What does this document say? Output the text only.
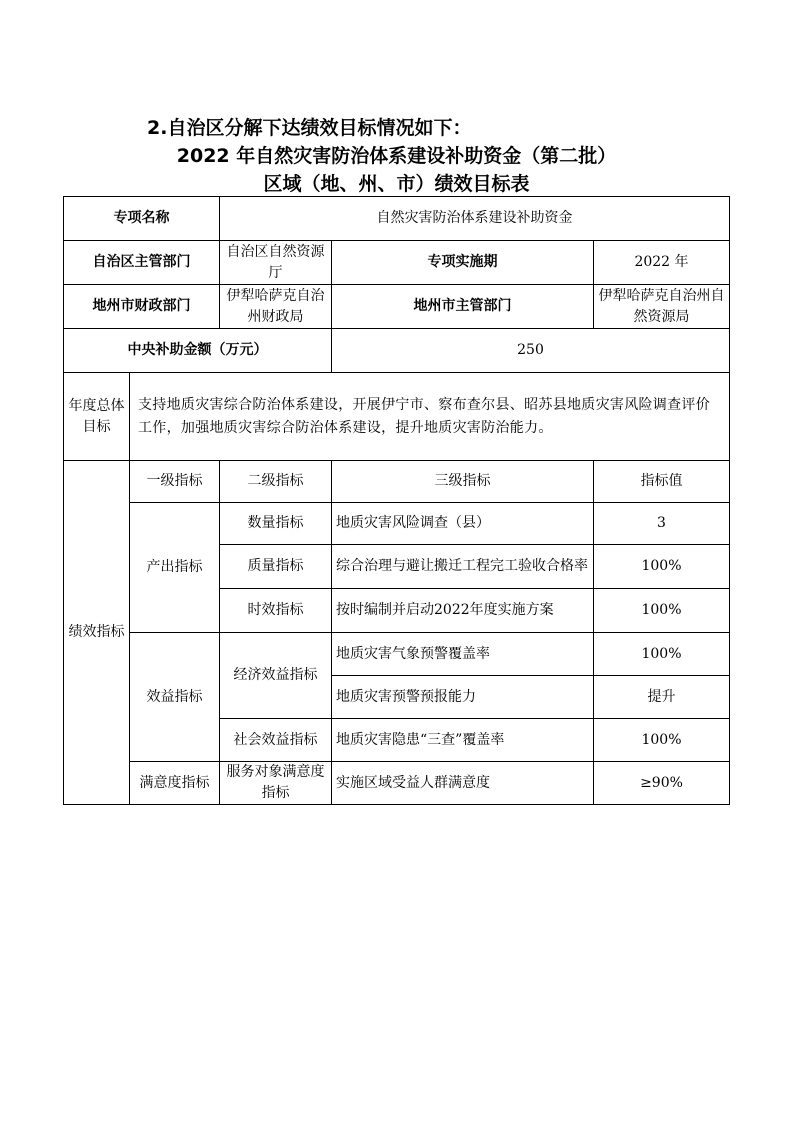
2.自治区分解下达绩效目标情况如下：

2022 年自然灾害防治体系建设补助资金（第二批）

区域（地、州、市）绩效目标表

专项名称		自然灾害防治体系建设补助资金		
自治区主管部门		自治区自然资源厅	专项实施期	2022 年
地州市财政部门		伊犁哈萨克自治州财政局	地州市主管部门	伊犁哈萨克自治州自然资源局
中央补助金额（万元）			250	
年度总体目标	支持地质灾害综合防治体系建设，开展伊宁市、察布查尔县、昭苏县地质灾害风险调查评价工作，加强地质灾害综合防治体系建设，提升地质灾害防治能力。			
绩效指标	一级指标	二级指标	三级指标	指标值
	产出指标	数量指标	地质灾害风险调查（县）	3
		质量指标	综合治理与避让搬迁工程完工验收合格率	100%
		时效指标	按时编制并启动2022年度实施方案	100%
	效益指标	经济效益指标	地质灾害气象预警覆盖率	100%
			地质灾害预警预报能力	提升
		社会效益指标	地质灾害隐患“三查”覆盖率	100%
	满意度指标	服务对象满意度指标	实施区域受益人群满意度	≥90%
